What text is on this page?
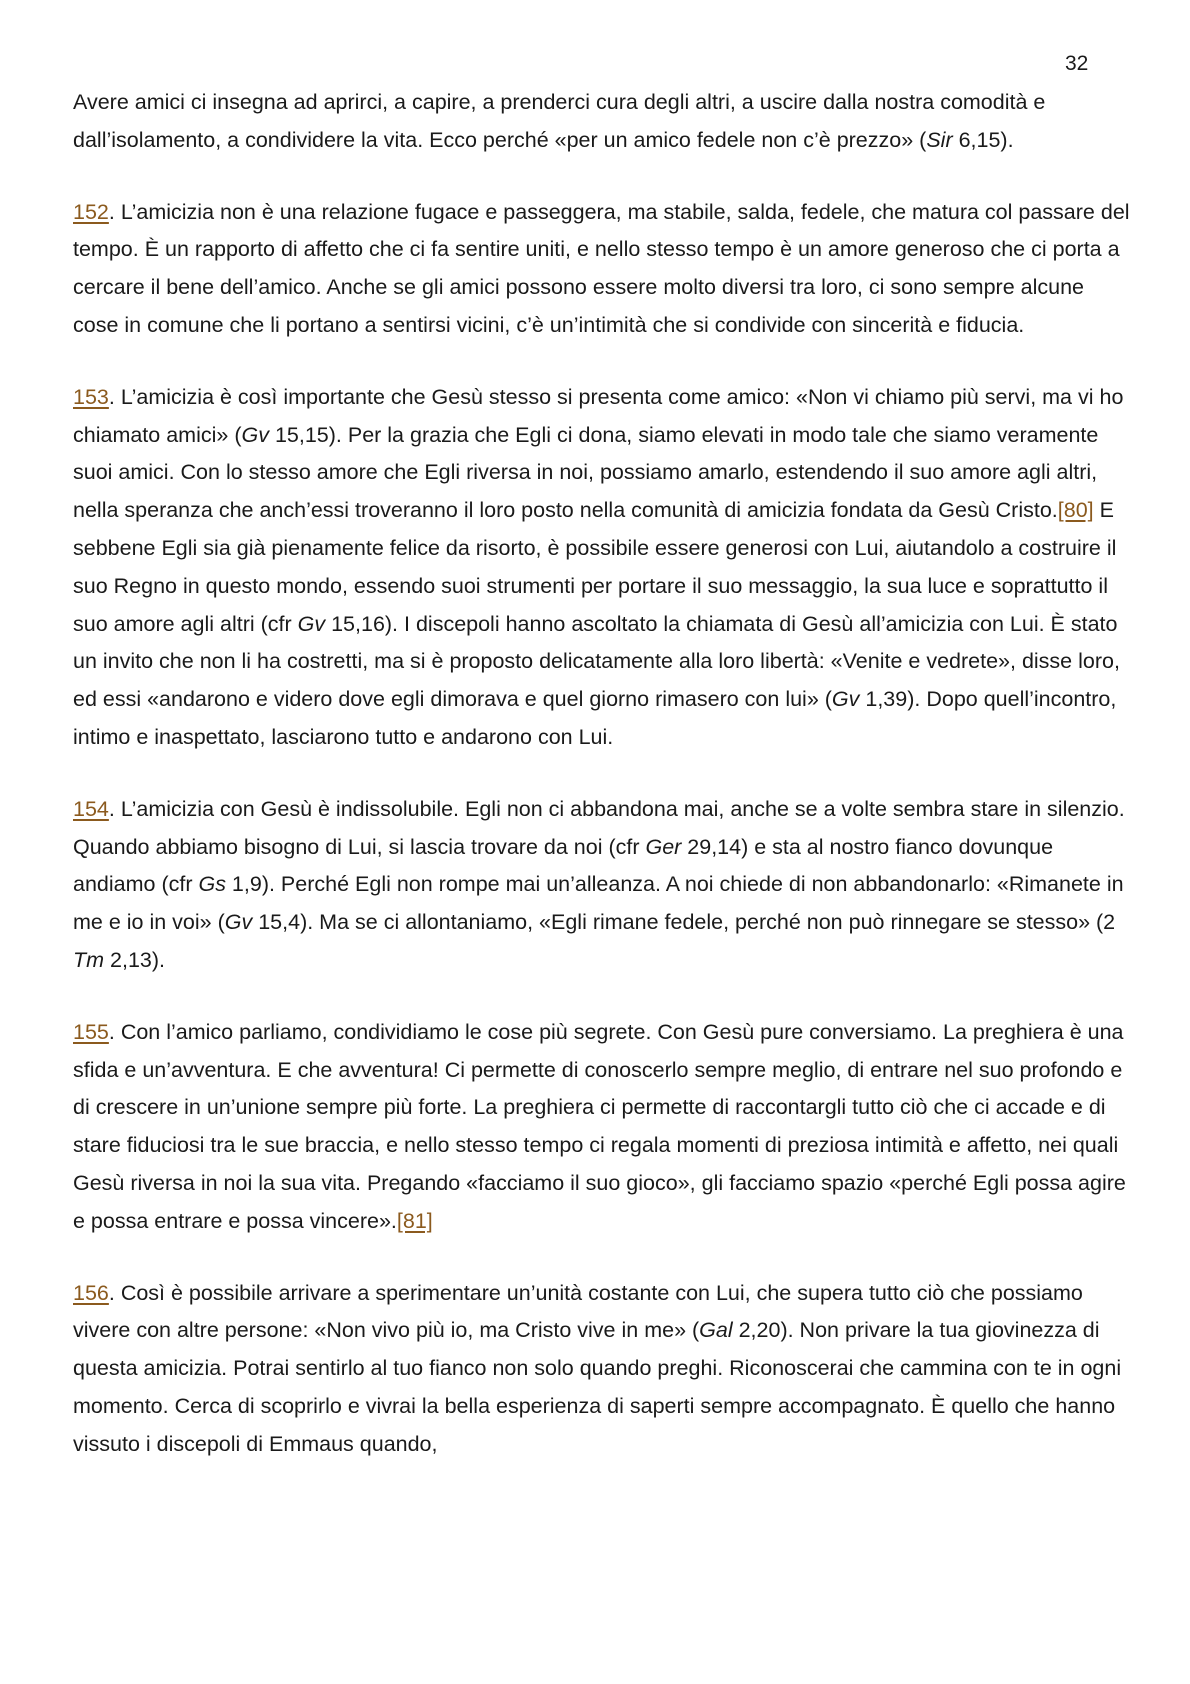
32

Avere amici ci insegna ad aprirci, a capire, a prenderci cura degli altri, a uscire dalla nostra comodità e dall’isolamento, a condividere la vita. Ecco perché «per un amico fedele non c’è prezzo» (Sir 6,15).

152. L’amicizia non è una relazione fugace e passeggera, ma stabile, salda, fedele, che matura col passare del tempo. È un rapporto di affetto che ci fa sentire uniti, e nello stesso tempo è un amore generoso che ci porta a cercare il bene dell’amico. Anche se gli amici possono essere molto diversi tra loro, ci sono sempre alcune cose in comune che li portano a sentirsi vicini, c’è un’intimità che si condivide con sincerità e fiducia.

153. L’amicizia è così importante che Gesù stesso si presenta come amico: «Non vi chiamo più servi, ma vi ho chiamato amici» (Gv 15,15). Per la grazia che Egli ci dona, siamo elevati in modo tale che siamo veramente suoi amici. Con lo stesso amore che Egli riversa in noi, possiamo amarlo, estendendo il suo amore agli altri, nella speranza che anch’essi troveranno il loro posto nella comunità di amicizia fondata da Gesù Cristo.[80] E sebbene Egli sia già pienamente felice da risorto, è possibile essere generosi con Lui, aiutandolo a costruire il suo Regno in questo mondo, essendo suoi strumenti per portare il suo messaggio, la sua luce e soprattutto il suo amore agli altri (cfr Gv 15,16). I discepoli hanno ascoltato la chiamata di Gesù all’amicizia con Lui. È stato un invito che non li ha costretti, ma si è proposto delicatamente alla loro libertà: «Venite e vedrete», disse loro, ed essi «andarono e videro dove egli dimorava e quel giorno rimasero con lui» (Gv 1,39). Dopo quell’incontro, intimo e inaspettato, lasciarono tutto e andarono con Lui.

154. L’amicizia con Gesù è indissolubile. Egli non ci abbandona mai, anche se a volte sembra stare in silenzio. Quando abbiamo bisogno di Lui, si lascia trovare da noi (cfr Ger 29,14) e sta al nostro fianco dovunque andiamo (cfr Gs 1,9). Perché Egli non rompe mai un’alleanza. A noi chiede di non abbandonarlo: «Rimanete in me e io in voi» (Gv 15,4). Ma se ci allontaniamo, «Egli rimane fedele, perché non può rinnegare se stesso» (2 Tm 2,13).

155. Con l’amico parliamo, condividiamo le cose più segrete. Con Gesù pure conversiamo. La preghiera è una sfida e un’avventura. E che avventura! Ci permette di conoscerlo sempre meglio, di entrare nel suo profondo e di crescere in un’unione sempre più forte. La preghiera ci permette di raccontargli tutto ciò che ci accade e di stare fiduciosi tra le sue braccia, e nello stesso tempo ci regala momenti di preziosa intimità e affetto, nei quali Gesù riversa in noi la sua vita. Pregando «facciamo il suo gioco», gli facciamo spazio «perché Egli possa agire e possa entrare e possa vincere».[81]

156. Così è possibile arrivare a sperimentare un’unità costante con Lui, che supera tutto ciò che possiamo vivere con altre persone: «Non vivo più io, ma Cristo vive in me» (Gal 2,20). Non privare la tua giovinezza di questa amicizia. Potrai sentirlo al tuo fianco non solo quando preghi. Riconoscerai che cammina con te in ogni momento. Cerca di scoprirlo e vivrai la bella esperienza di saperti sempre accompagnato. È quello che hanno vissuto i discepoli di Emmaus quando,
